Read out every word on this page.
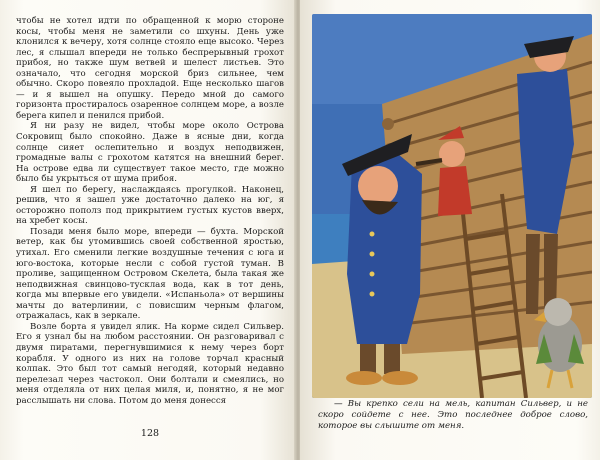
чтобы не хотел идти по обращенной к морю стороне косы, чтобы меня не заметили со шхуны. День уже клонился к вечеру, хотя солнце стояло еще высоко. Через лес, я слышал впереди не только беспрерывный грохот прибоя, но также шум ветвей и шелест листьев. Это означало, что сегодня морской бриз сильнее, чем обычно. Скоро повеяло прохладой. Еще несколько шагов — и я вышел на опушку. Передо мной до самого горизонта простиралось озаренное солнцем море, а возле берега кипел и пенился прибой.

Я ни разу не видел, чтобы море около Острова Сокровищ было спокойно. Даже в ясные дни, когда солнце сияет ослепительно и воздух неподвижен, громадные валы с грохотом катятся на внешний берег. На острове едва ли существует такое место, где можно было бы укрыться от шума прибоя.

Я шел по берегу, наслаждаясь прогулкой. Наконец, решив, что я зашел уже достаточно далеко на юг, я осторожно пополз под прикрытием густых кустов вверх, на хребет косы.

Позади меня было море, впереди — бухта. Морской ветер, как бы утомившись своей собственной яростью, утихал. Его сменили легкие воздушные течения с юга и юго-востока, которые несли с собой густой туман. В проливе, защищенном Островом Скелета, была такая же неподвижная свинцово-тусклая вода, как в тот день, когда мы впервые его увидели. «Испаньола» от вершины мачты до ватерлинии, с повисшим черным флагом, отражалась, как в зеркале.

Возле борта я увидел ялик. На корме сидел Сильвер. Его я узнал бы на любом расстоянии. Он разговаривал с двумя пиратами, перегнувшимися к нему через борт корабля. У одного из них на голове торчал красный колпак. Это был тот самый негодяй, который недавно перелезал через частокол. Они болтали и смеялись, но меня отделяла от них целая миля, и, понятно, я не мог расслышать ни слова. Потом до меня донесся

128

— Вы крепко сели на мель, капитан Сильвер, и не скоро сойдете с нее. Это последнее доброе слово, которое вы слышите от меня.
